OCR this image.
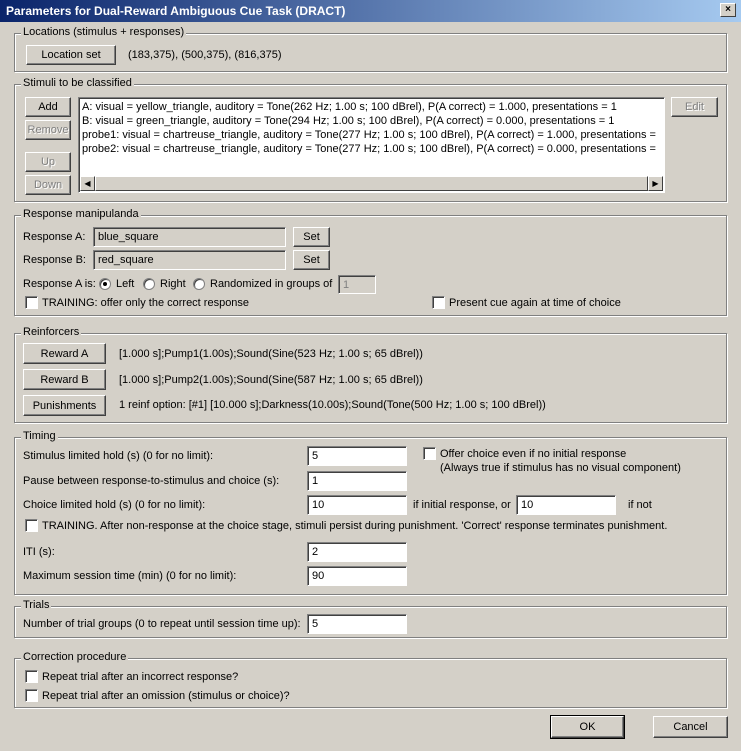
Parameters for Dual-Reward Ambiguous Cue Task (DRACT)	×
Locations (stimulus + responses)
Location set	(183,375), (500,375), (816,375)
Stimuli to be classified
Add
Remove
Up
Down
Edit
A: visual = yellow_triangle, auditory = Tone(262 Hz; 1.00 s; 100 dBrel), P(A correct) = 1.000, presentations = 1
B: visual = green_triangle, auditory = Tone(294 Hz; 1.00 s; 100 dBrel), P(A correct) = 0.000, presentations = 1
probe1: visual = chartreuse_triangle, auditory = Tone(277 Hz; 1.00 s; 100 dBrel), P(A correct) = 1.000, presentations =
probe2: visual = chartreuse_triangle, auditory = Tone(277 Hz; 1.00 s; 100 dBrel), P(A correct) = 0.000, presentations =
◀	▶
Response manipulanda
Response A:	blue_square	Set
Response B:	red_square	Set
Response A is: Left Right Randomized in groups of 1
TRAINING: offer only the correct response	Present cue again at time of choice
Reinforcers
Reward A	[1.000 s];Pump1(1.00s);Sound(Sine(523 Hz; 1.00 s; 65 dBrel))
Reward B	[1.000 s];Pump2(1.00s);Sound(Sine(587 Hz; 1.00 s; 65 dBrel))
Punishments	1 reinf option: [#1] [10.000 s];Darkness(10.00s);Sound(Tone(500 Hz; 1.00 s; 100 dBrel))
Timing
Stimulus limited hold (s) (0 for no limit):	5	Offer choice even if no initial response
(Always true if stimulus has no visual component)
Pause between response-to-stimulus and choice (s):	1
Choice limited hold (s) (0 for no limit):	10	if initial response, or 10	if not
TRAINING. After non-response at the choice stage, stimuli persist during punishment. 'Correct' response terminates punishment.
ITI (s):	2
Maximum session time (min) (0 for no limit):	90
Trials
Number of trial groups (0 to repeat until session time up):	5
Correction procedure
Repeat trial after an incorrect response?
Repeat trial after an omission (stimulus or choice)?
OK	Cancel
